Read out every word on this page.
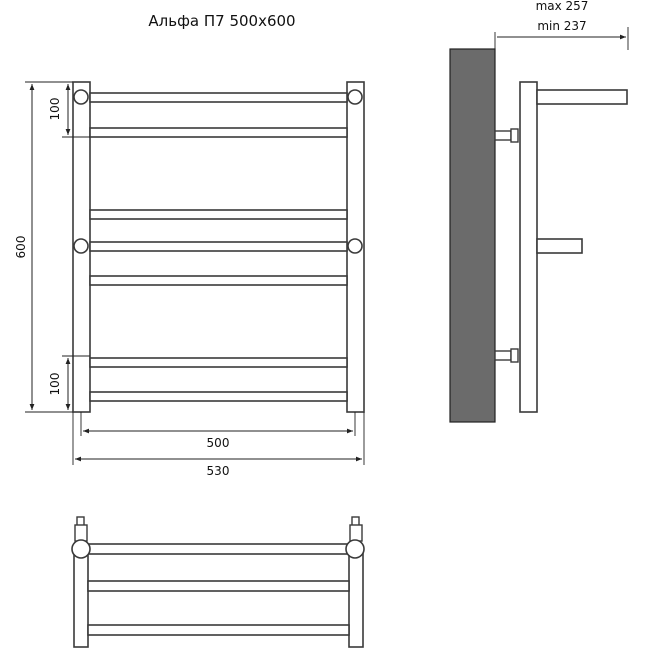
Альфа П7 500х600
600
100
100
500
530
max 257
min 237
